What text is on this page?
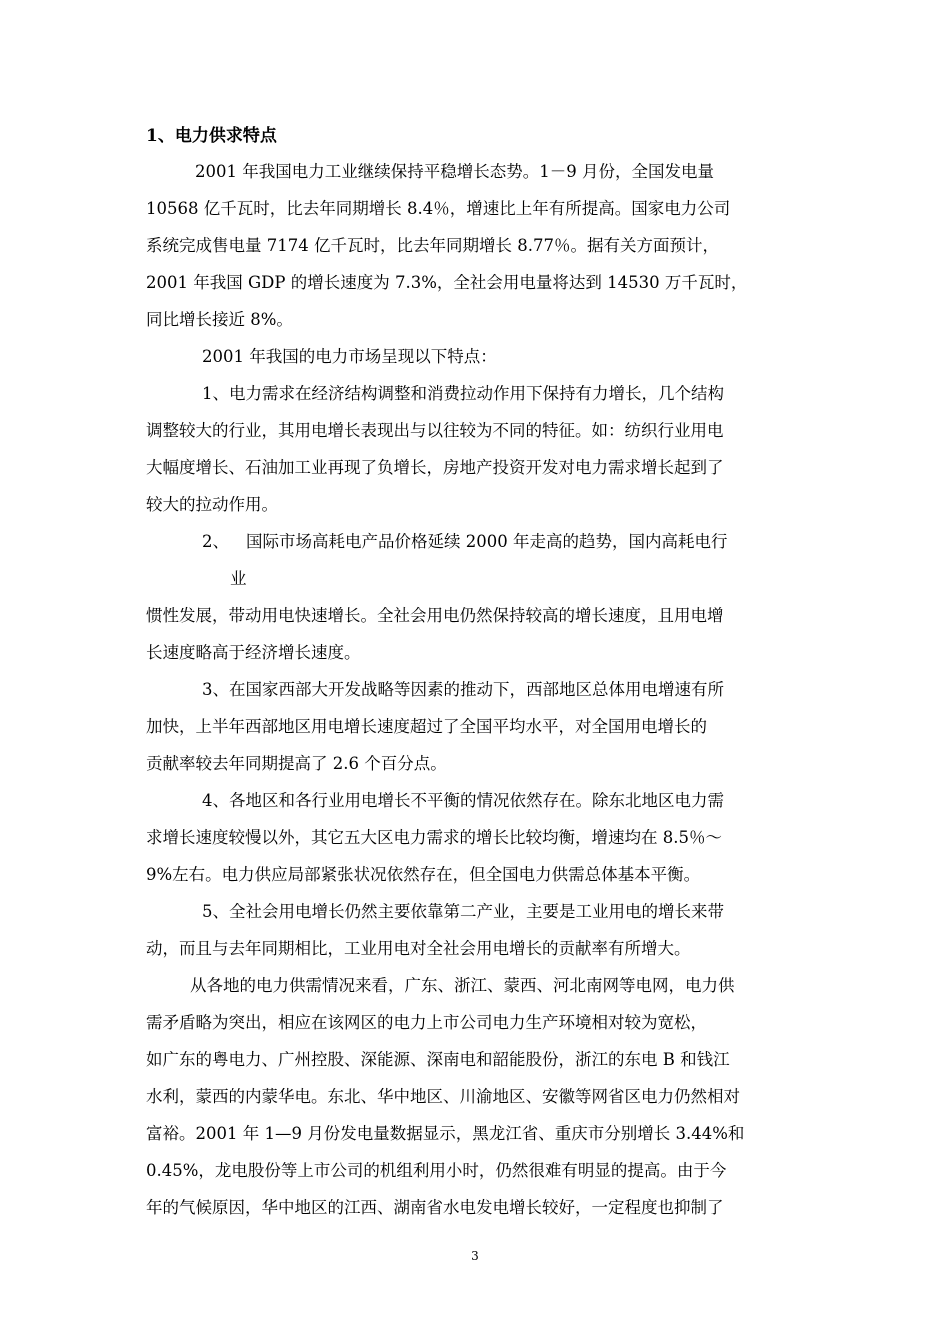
1、电力供求特点
2001 年我国电力工业继续保持平稳增长态势。1－9 月份，全国发电量
10568 亿千瓦时，比去年同期增长 8.4％，增速比上年有所提高。国家电力公司
系统完成售电量 7174 亿千瓦时，比去年同期增长 8.77％。据有关方面预计，
2001 年我国 GDP 的增长速度为 7.3%，全社会用电量将达到 14530 万千瓦时，
同比增长接近 8%。
2001 年我国的电力市场呈现以下特点：
1、电力需求在经济结构调整和消费拉动作用下保持有力增长，几个结构
调整较大的行业，其用电增长表现出与以往较为不同的特征。如：纺织行业用电
大幅度增长、石油加工业再现了负增长，房地产投资开发对电力需求增长起到了
较大的拉动作用。
2、 国际市场高耗电产品价格延续 2000 年走高的趋势，国内高耗电行
业
惯性发展，带动用电快速增长。全社会用电仍然保持较高的增长速度，且用电增
长速度略高于经济增长速度。
3、在国家西部大开发战略等因素的推动下，西部地区总体用电增速有所
加快，上半年西部地区用电增长速度超过了全国平均水平，对全国用电增长的
贡献率较去年同期提高了 2.6 个百分点。
4、各地区和各行业用电增长不平衡的情况依然存在。除东北地区电力需
求增长速度较慢以外，其它五大区电力需求的增长比较均衡，增速均在 8.5％～
9%左右。电力供应局部紧张状况依然存在，但全国电力供需总体基本平衡。
5、全社会用电增长仍然主要依靠第二产业，主要是工业用电的增长来带
动，而且与去年同期相比，工业用电对全社会用电增长的贡献率有所增大。
从各地的电力供需情况来看，广东、浙江、蒙西、河北南网等电网，电力供
需矛盾略为突出，相应在该网区的电力上市公司电力生产环境相对较为宽松，
如广东的粤电力、广州控股、深能源、深南电和韶能股份，浙江的东电 B 和钱江
水利，蒙西的内蒙华电。东北、华中地区、川渝地区、安徽等网省区电力仍然相对
富裕。2001 年 1—9 月份发电量数据显示，黑龙江省、重庆市分别增长 3.44%和
0.45%，龙电股份等上市公司的机组利用小时，仍然很难有明显的提高。由于今
年的气候原因，华中地区的江西、湖南省水电发电增长较好，一定程度也抑制了
3
